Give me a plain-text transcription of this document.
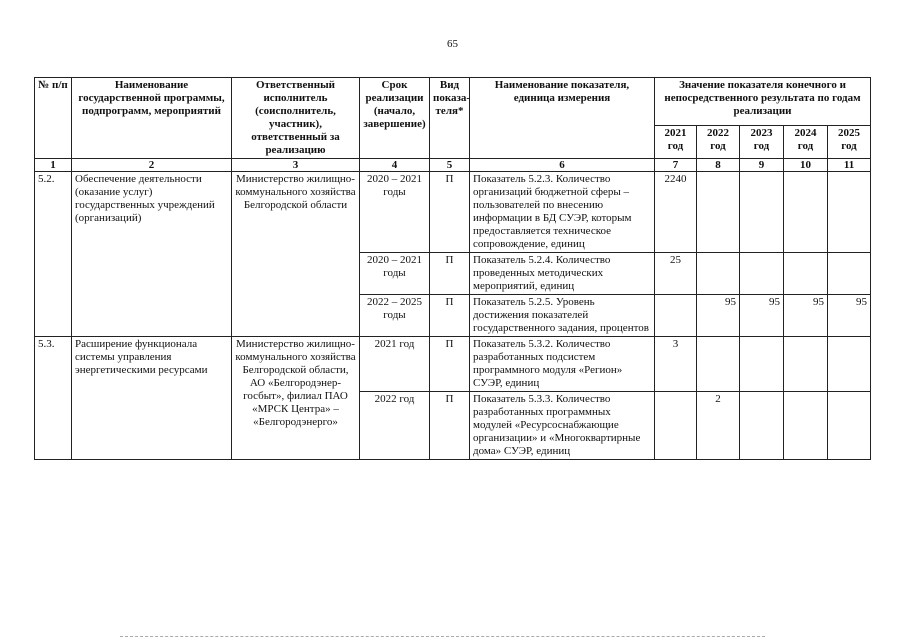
65
№ п/п	Наименование государственной программы, подпрограмм, мероприятий	Ответственный исполнитель (соисполнитель, участник), ответственный за реализацию	Срок реализации (начало, завершение)	Вид показа-теля*	Наименование показателя, единица измерения	Значение показателя конечного и непосредственного результата по годам реализации				
						2021 год	2022 год	2023 год	2024 год	2025 год
1	2	3	4	5	6	7	8	9	10	11
5.2.	Обеспечение деятельности (оказание услуг) государственных учреждений (организаций)	Министерство жилищно-коммунального хозяйства Белгородской области	2020 – 2021 годы	П	Показатель 5.2.3. Количество организаций бюджетной сферы – пользователей по внесению информации в БД СУЭР, которым предоставляется техническое сопровождение, единиц	2240				
			2020 – 2021 годы	П	Показатель 5.2.4. Количество проведенных методических мероприятий, единиц	25				
			2022 – 2025 годы	П	Показатель 5.2.5. Уровень достижения показателей государственного задания, процентов		95	95	95	95
5.3.	Расширение функционала системы управления энергетическими ресурсами	Министерство жилищно-коммунального хозяйства Белгородской области, АО «Белгородэнер-госбыт», филиал ПАО «МРСК Центра» – «Белгородэнерго»	2021 год	П	Показатель 5.3.2. Количество разработанных подсистем программного модуля «Регион» СУЭР, единиц	3				
			2022 год	П	Показатель 5.3.3. Количество разработанных программных модулей «Ресурсоснабжающие организации» и «Многоквартирные дома» СУЭР, единиц		2			
